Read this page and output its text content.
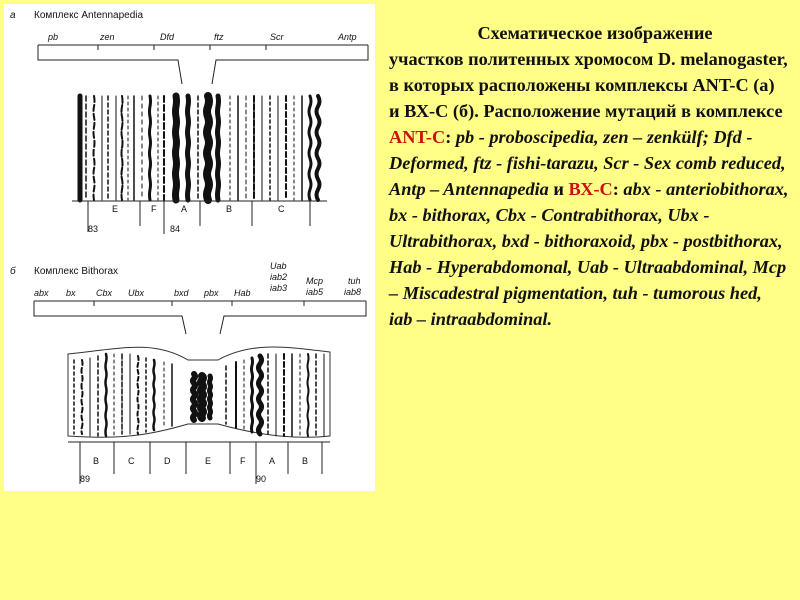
а Комплекс Antennapedia
pb	zen	Dfd	ftz	Scr	Antp
E	F	A	B	C
83	84
б Комплекс Bithorax	Uab
iab2
iab3
Mcp
iab5
tuh
iab8
abx bx Cbx Ubx	bxd pbx Hab
B	C	D	E	F	A	B
89	90
Схематическое изображение
участков политенных хромосом D. melanogaster, в которых расположены комплексы ANT-С (а) и ВХ-С (б). Расположение мутаций в комплексе ANT-С: pb - proboscipedia, zen – zenkülf; Dfd - Deformed, ftz - fishi-tarazu, Scr - Sex comb reduced, Antp – Antennapedia и ВХ-С: abx - anteriobithorax, bx - bithorax, Cbx - Contrabithorax, Ubx - Ultrabithorax, bxd - bithoraxoid, pbx - postbithorax, Hab - Hyperabdomonal, Uab - Ultraabdominal, Mcp – Miscadestral pigmentation, tuh - tumorous hed, iab – intraabdominal.
